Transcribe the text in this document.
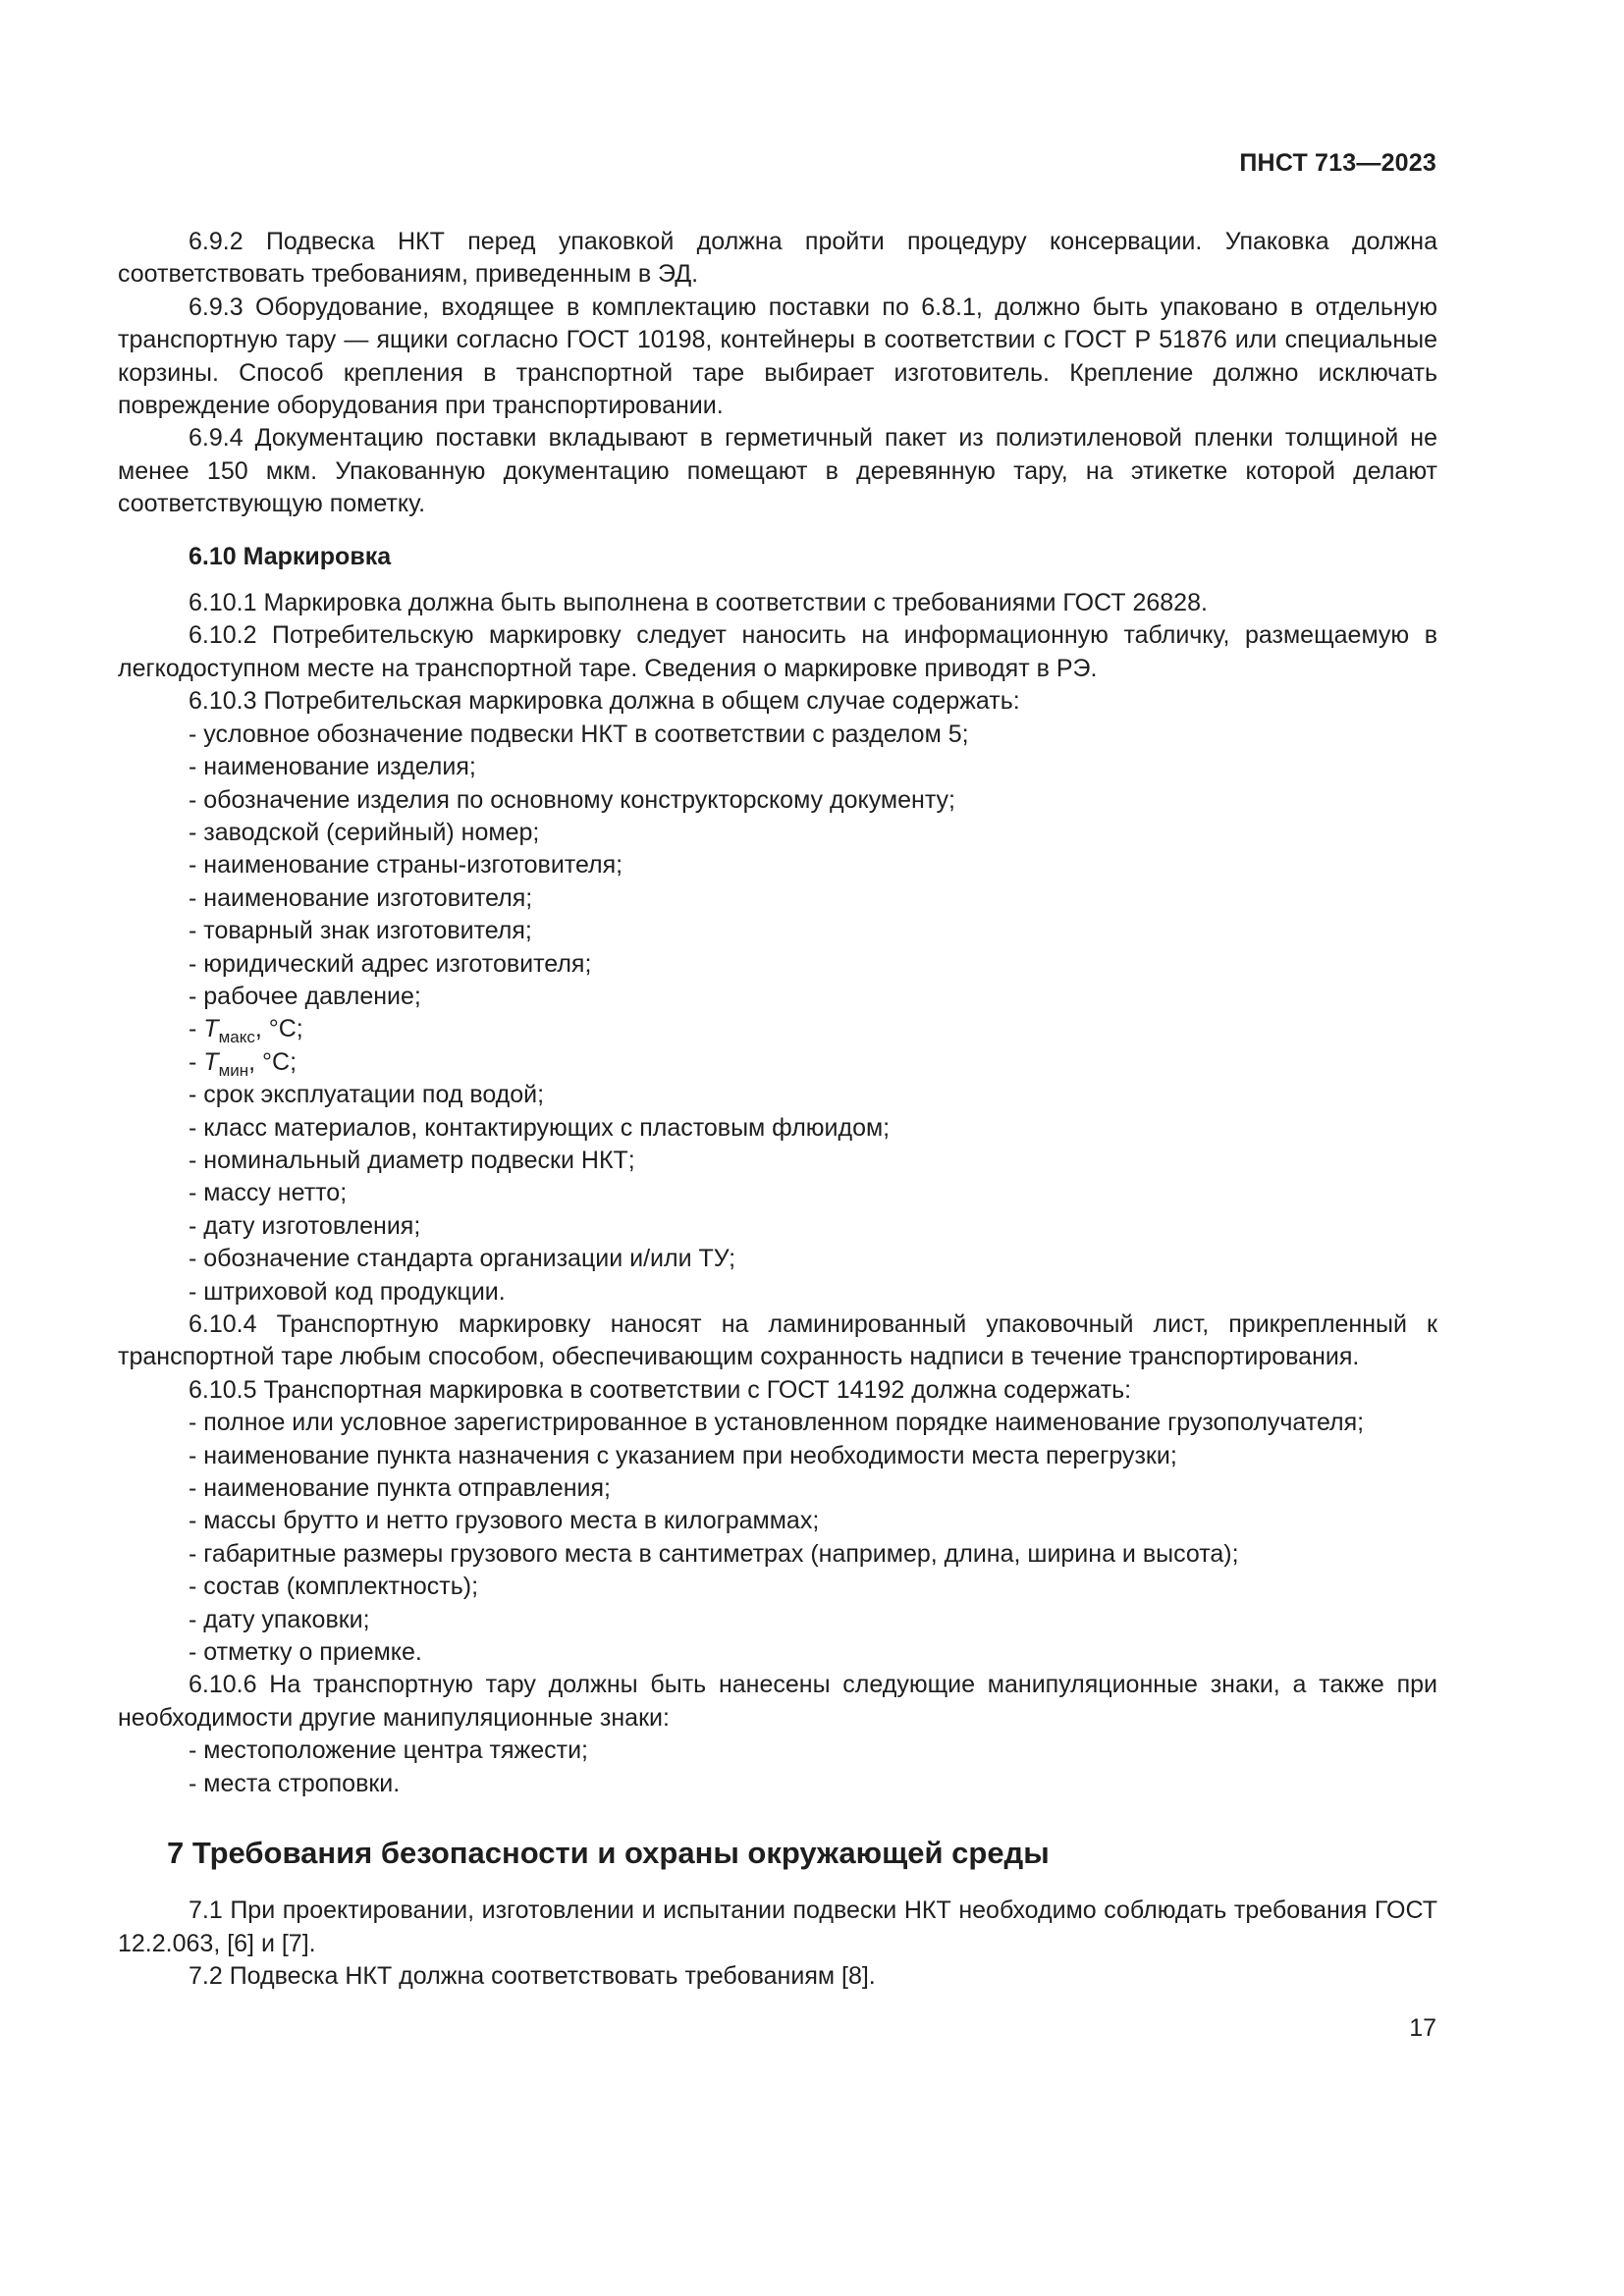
ПНСТ 713—2023

6.9.2 Подвеска НКТ перед упаковкой должна пройти процедуру консервации. Упаковка должна соответствовать требованиям, приведенным в ЭД.

6.9.3 Оборудование, входящее в комплектацию поставки по 6.8.1, должно быть упаковано в отдельную транспортную тару — ящики согласно ГОСТ 10198, контейнеры в соответствии с ГОСТ Р 51876 или специальные корзины. Способ крепления в транспортной таре выбирает изготовитель. Крепление должно исключать повреждение оборудования при транспортировании.

6.9.4 Документацию поставки вкладывают в герметичный пакет из полиэтиленовой пленки толщиной не менее 150 мкм. Упакованную документацию помещают в деревянную тару, на этикетке которой делают соответствующую пометку.

6.10 Маркировка

6.10.1 Маркировка должна быть выполнена в соответствии с требованиями ГОСТ 26828.

6.10.2 Потребительскую маркировку следует наносить на информационную табличку, размещаемую в легкодоступном месте на транспортной таре. Сведения о маркировке приводят в РЭ.

6.10.3 Потребительская маркировка должна в общем случае содержать:

- условное обозначение подвески НКТ в соответствии с разделом 5;

- наименование изделия;

- обозначение изделия по основному конструкторскому документу;

- заводской (серийный) номер;

- наименование страны-изготовителя;

- наименование изготовителя;

- товарный знак изготовителя;

- юридический адрес изготовителя;

- рабочее давление;

- $T_{макс}$, °C;

- $T_{мин}$, °C;

- срок эксплуатации под водой;

- класс материалов, контактирующих с пластовым флюидом;

- номинальный диаметр подвески НКТ;

- массу нетто;

- дату изготовления;

- обозначение стандарта организации и/или ТУ;

- штриховой код продукции.

6.10.4 Транспортную маркировку наносят на ламинированный упаковочный лист, прикрепленный к транспортной таре любым способом, обеспечивающим сохранность надписи в течение транспортирования.

6.10.5 Транспортная маркировка в соответствии с ГОСТ 14192 должна содержать:

- полное или условное зарегистрированное в установленном порядке наименование грузополучателя;

- наименование пункта назначения с указанием при необходимости места перегрузки;

- наименование пункта отправления;

- массы брутто и нетто грузового места в килограммах;

- габаритные размеры грузового места в сантиметрах (например, длина, ширина и высота);

- состав (комплектность);

- дату упаковки;

- отметку о приемке.

6.10.6 На транспортную тару должны быть нанесены следующие манипуляционные знаки, а также при необходимости другие манипуляционные знаки:

- местоположение центра тяжести;

- места строповки.

7 Требования безопасности и охраны окружающей среды

7.1 При проектировании, изготовлении и испытании подвески НКТ необходимо соблюдать требования ГОСТ 12.2.063, [6] и [7].

7.2 Подвеска НКТ должна соответствовать требованиям [8].

17
